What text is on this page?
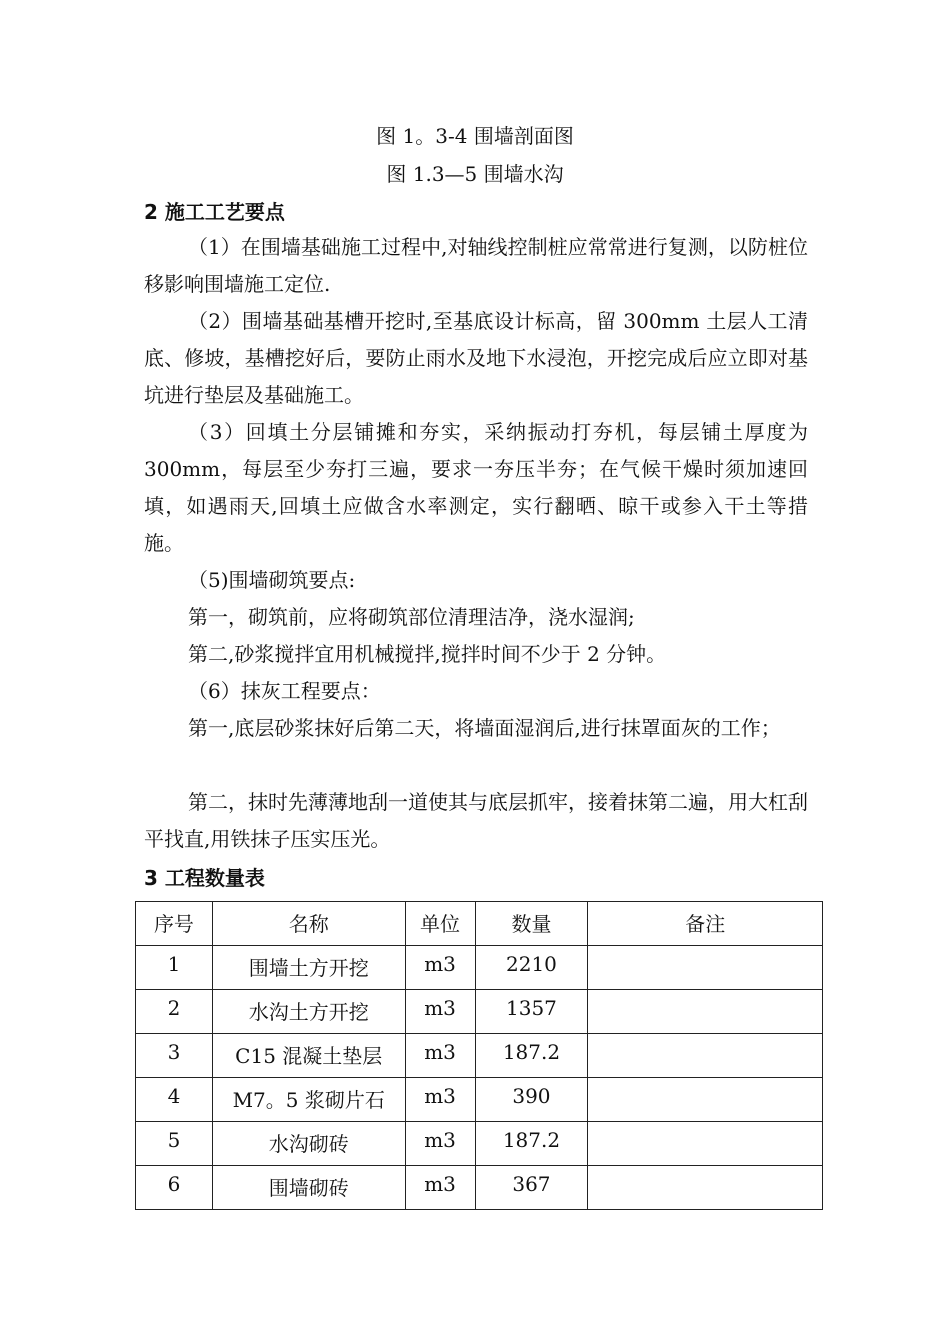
图 1。3-4 围墙剖面图
图 1.3—5 围墙水沟
2 施工工艺要点

（1）在围墙基础施工过程中,对轴线控制桩应常常进行复测，以防桩位移影响围墙施工定位.

（2）围墙基础基槽开挖时,至基底设计标高，留 300mm 土层人工清底、修坡，基槽挖好后，要防止雨水及地下水浸泡，开挖完成后应立即对基坑进行垫层及基础施工。

（3）回填土分层铺摊和夯实，采纳振动打夯机，每层铺土厚度为 300mm，每层至少夯打三遍，要求一夯压半夯；在气候干燥时须加速回填，如遇雨天,回填土应做含水率测定，实行翻晒、晾干或参入干土等措施。

（5)围墙砌筑要点:

第一，砌筑前，应将砌筑部位清理洁净，浇水湿润;

第二,砂浆搅拌宜用机械搅拌,搅拌时间不少于 2 分钟。

（6）抹灰工程要点：

第一,底层砂浆抹好后第二天，将墙面湿润后,进行抹罩面灰的工作；

第二，抹时先薄薄地刮一道使其与底层抓牢，接着抹第二遍，用大杠刮平找直,用铁抹子压实压光。

3 工程数量表
序号	名称	单位	数量	备注
1	围墙土方开挖	m3	2210	
2	水沟土方开挖	m3	1357	
3	C15 混凝土垫层	m3	187.2	
4	M7。5 浆砌片石	m3	390	
5	水沟砌砖	m3	187.2	
6	围墙砌砖	m3	367	
